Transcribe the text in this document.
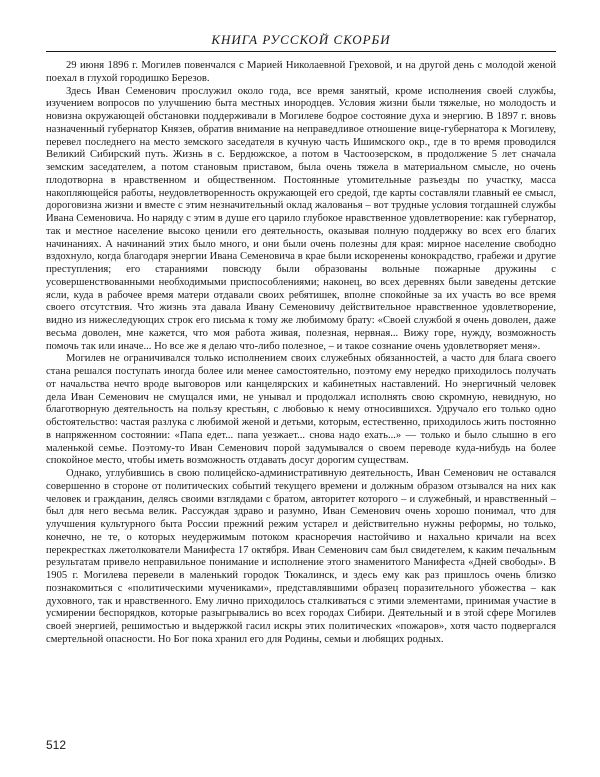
КНИГА РУССКОЙ СКОРБИ

29 июня 1896 г. Могилев повенчался с Марией Николаевной Греховой, и на другой день с молодой женой поехал в глухой городишко Березов.

Здесь Иван Семенович прослужил около года, все время занятый, кроме исполнения своей службы, изучением вопросов по улучшению быта местных инородцев. Условия жизни были тяжелые, но молодость и новизна окружающей обстановки поддерживали в Могилеве бодрое состояние духа и энергию. В 1897 г. вновь назначенный губернатор Князев, обратив внимание на неправедливое отношение вице-губернатора к Могилеву, перевел последнего на место земского заседателя в кучную часть Ишимского окр., где в то время проводился Великий Сибирский путь. Жизнь в с. Бердюжское, а потом в Частоозерском, в продолжение 5 лет сначала земским заседателем, а потом становым приставом, была очень тяжела в материальном смысле, но очень плодотворна в нравственном и общественном. Постоянные утомительные разъезды по участку, масса накопляющейся работы, неудовлетворенность окружающей его средой, где карты составляли главный ее смысл, дороговизна жизни и вместе с этим незначительный оклад жалованья – вот трудные условия тогдашней службы Ивана Семеновича. Но наряду с этим в душе его царило глубокое нравственное удовлетворение: как губернатор, так и местное население высоко ценили его деятельность, оказывая полную поддержку во всех его благих начинаниях. А начинаний этих было много, и они были очень полезны для края: мирное население свободно вздохнуло, когда благодаря энергии Ивана Семеновича в крае были искоренены конокрадство, грабежи и другие преступления; его стараниями повсюду были образованы вольные пожарные дружины с усовершенствованными необходимыми приспособлениями; наконец, во всех деревнях были заведены детские ясли, куда в рабочее время матери отдавали своих ребятишек, вполне спокойные за их участь во все время своего отсутствия. Что жизнь эта давала Ивану Семеновичу действительное нравственное удовлетворение, видно из нижеследующих строк его письма к тому же любимому брату: «Своей службой я очень доволен, даже весьма доволен, мне кажется, что моя работа живая, полезная, нервная... Вижу горе, нужду, возможность помочь так или иначе... Но все же я делаю что-либо полезное, – и такое сознание очень удовлетворяет меня».

Могилев не ограничивался только исполнением своих служебных обязанностей, а часто для блага своего стана решался поступать иногда более или менее самостоятельно, поэтому ему нередко приходилось получать от начальства нечто вроде выговоров или канцелярских и кабинетных наставлений. Но энергичный человек дела Иван Семенович не смущался ими, не унывал и продолжал исполнять свою скромную, невидную, но благотворную деятельность на пользу крестьян, с любовью к нему относившихся. Удручало его только одно обстоятельство: частая разлука с любимой женой и детьми, которым, естественно, приходилось жить постоянно в напряженном состоянии: «Папа едет... папа уезжает... снова надо ехать...» — только и было слышно в его маленькой семье. Поэтому-то Иван Семенович порой задумывался о своем переводе куда-нибудь на более спокойное место, чтобы иметь возможность отдавать досуг дорогим существам.

Однако, углубившись в свою полицейско-административную деятельность, Иван Семенович не оставался совершенно в стороне от политических событий текущего времени и должным образом отзывался на них как человек и гражданин, делясь своими взглядами с братом, авторитет которого – и служебный, и нравственный – был для него весьма велик. Рассуждая здраво и разумно, Иван Семенович очень хорошо понимал, что для улучшения культурного быта России прежний режим устарел и действительно нужны реформы, но только, конечно, не те, о которых неудержимым потоком красноречия настойчиво и нахально кричали на всех перекрестках лжетолкователи Манифеста 17 октября. Иван Семенович сам был свидетелем, к каким печальным результатам привело неправильное понимание и исполнение этого знаменитого Манифеста «Дней свободы». В 1905 г. Могилева перевели в маленький городок Тюкалинск, и здесь ему как раз пришлось очень близко познакомиться с «политическими мучениками», представлявшими образец поразительного убожества – как духовного, так и нравственного. Ему лично приходилось сталкиваться с этими элементами, принимая участие в усмирении беспорядков, которые разыгрывались во всех городах Сибири. Деятельный и в этой сфере Могилев своей энергией, решимостью и выдержкой гасил искры этих политических «пожаров», хотя часто подвергался смертельной опасности. Но Бог пока хранил его для Родины, семьи и любящих родных.

512
